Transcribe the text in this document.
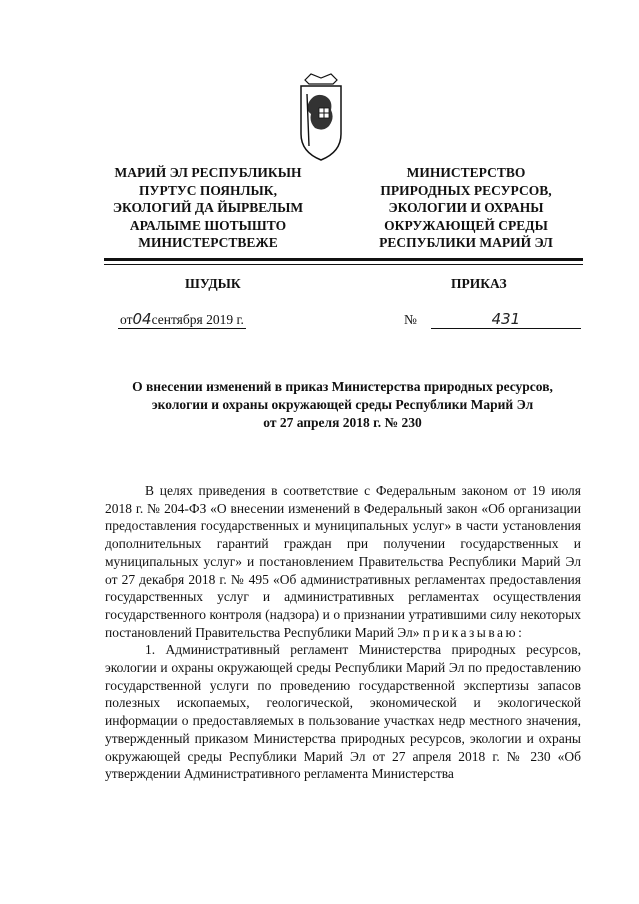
МАРИЙ ЭЛ РЕСПУБЛИКЫН
ПУРТУС ПОЯНЛЫК,
ЭКОЛОГИЙ ДА ЙЫРВЕЛЫМ
АРАЛЫМЕ ШОТЫШТО
МИНИСТЕРСТВЕЖЕ
МИНИСТЕРСТВО
ПРИРОДНЫХ РЕСУРСОВ,
ЭКОЛОГИИ И ОХРАНЫ
ОКРУЖАЮЩЕЙ СРЕДЫ
РЕСПУБЛИКИ МАРИЙ ЭЛ
ШУДЫК	ПРИКАЗ
от04сентября 2019 г.	№	431
О внесении изменений в приказ Министерства природных ресурсов,
экологии и охраны окружающей среды Республики Марий Эл
от 27 апреля 2018 г. № 230

В целях приведения в соответствие с Федеральным законом от 19 июля 2018 г. № 204-ФЗ «О внесении изменений в Федеральный закон «Об организации предоставления государственных и муниципальных услуг» в части установления дополнительных гарантий граждан при получении государственных и муниципальных услуг» и постановлением Правительства Республики Марий Эл от 27 декабря 2018 г. № 495 «Об административных регламентах предоставления государственных услуг и административных регламентах осуществления государственного контроля (надзора) и о признании утратившими силу некоторых постановлений Правительства Республики Марий Эл» приказываю:

1. Административный регламент Министерства природных ресурсов, экологии и охраны окружающей среды Республики Марий Эл по предоставлению государственной услуги по проведению государственной экспертизы запасов полезных ископаемых, геологической, экономической и экологической информации о предоставляемых в пользование участках недр местного значения, утвержденный приказом Министерства природных ресурсов, экологии и охраны окружающей среды Республики Марий Эл от 27 апреля 2018 г. № 230 «Об утверждении Административного регламента Министерства
